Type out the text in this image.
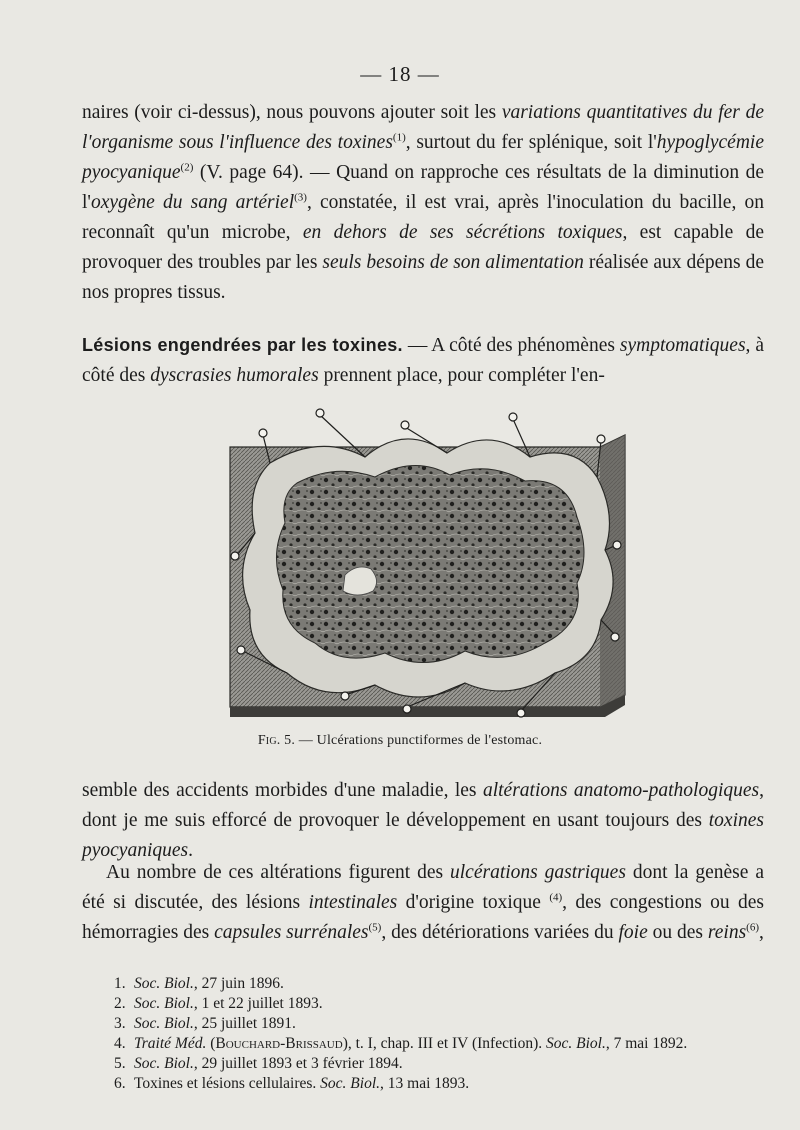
— 18 —
naires (voir ci-dessus), nous pouvons ajouter soit les variations quantitatives du fer de l'organisme sous l'influence des toxines$^{(1)}$, surtout du fer splénique, soit l'hypoglycémie pyocyanique$^{(2)}$ (V. page 64). — Quand on rapproche ces résultats de la diminution de l'oxygène du sang artériel$^{(3)}$, constatée, il est vrai, après l'inoculation du bacille, on reconnaît qu'un microbe, en dehors de ses sécrétions toxiques, est capable de provoquer des troubles par les seuls besoins de son alimentation réalisée aux dépens de nos propres tissus.
Lésions engendrées par les toxines. — A côté des phénomènes symptomatiques, à côté des dyscrasies humorales prennent place, pour compléter l'en-
Fig. 5. — Ulcérations punctiformes de l'estomac.
semble des accidents morbides d'une maladie, les altérations anatomo-pathologiques, dont je me suis efforcé de provoquer le développement en usant toujours des toxines pyocyaniques.
Au nombre de ces altérations figurent des ulcérations gastriques dont la genèse a été si discutée, des lésions intestinales d'origine toxique $^{(4)}$, des congestions ou des hémorragies des capsules surrénales$^{(5)}$, des détériorations variées du foie ou des reins$^{(6)}$,
1. Soc. Biol., 27 juin 1896.
2. Soc. Biol., 1 et 22 juillet 1893.
3. Soc. Biol., 25 juillet 1891.
4. Traité Méd. (Bouchard-Brissaud), t. I, chap. III et IV (Infection). Soc. Biol., 7 mai 1892.
5. Soc. Biol., 29 juillet 1893 et 3 février 1894.
6. Toxines et lésions cellulaires. Soc. Biol., 13 mai 1893.
